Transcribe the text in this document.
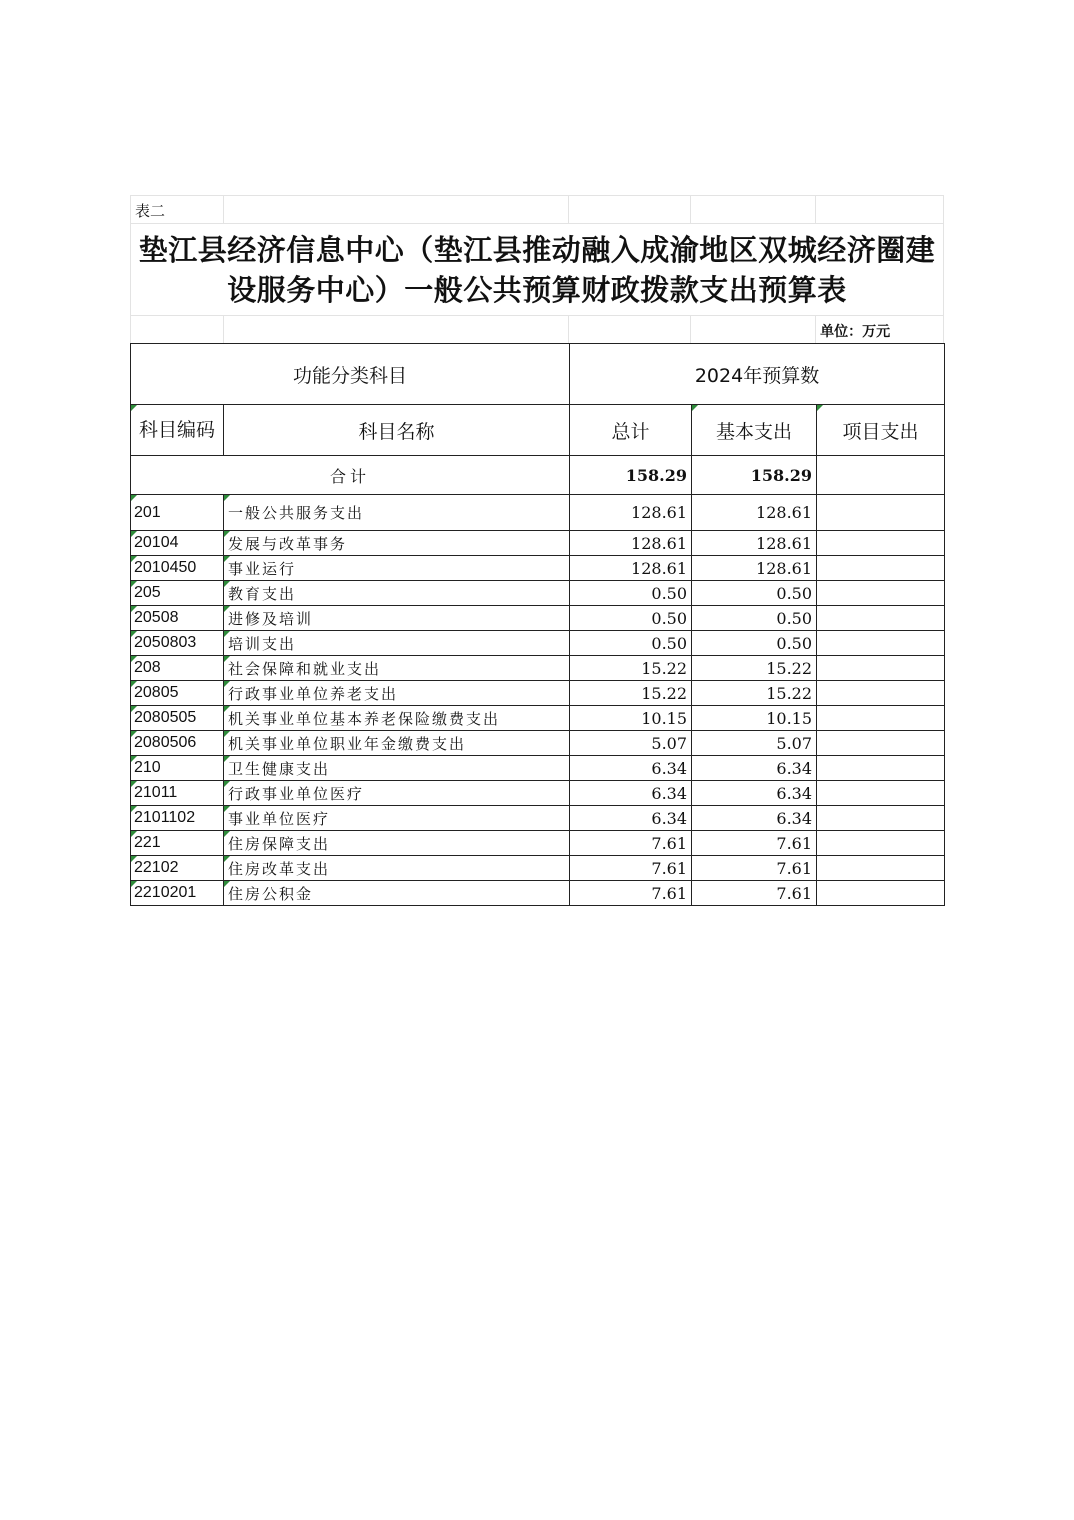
表二
垫江县经济信息中心（垫江县推动融入成渝地区双城经济圈建设服务中心）一般公共预算财政拨款支出预算表
单位：万元
功能分类科目		2024年预算数		
科目编码	科目名称	总计	基本支出	项目支出
合计		158.29	158.29	
201	一般公共服务支出	128.61	128.61	
20104	发展与改革事务	128.61	128.61	
2010450	事业运行	128.61	128.61	
205	教育支出	0.50	0.50	
20508	进修及培训	0.50	0.50	
2050803	培训支出	0.50	0.50	
208	社会保障和就业支出	15.22	15.22	
20805	行政事业单位养老支出	15.22	15.22	
2080505	机关事业单位基本养老保险缴费支出	10.15	10.15	
2080506	机关事业单位职业年金缴费支出	5.07	5.07	
210	卫生健康支出	6.34	6.34	
21011	行政事业单位医疗	6.34	6.34	
2101102	事业单位医疗	6.34	6.34	
221	住房保障支出	7.61	7.61	
22102	住房改革支出	7.61	7.61	
2210201	住房公积金	7.61	7.61	
